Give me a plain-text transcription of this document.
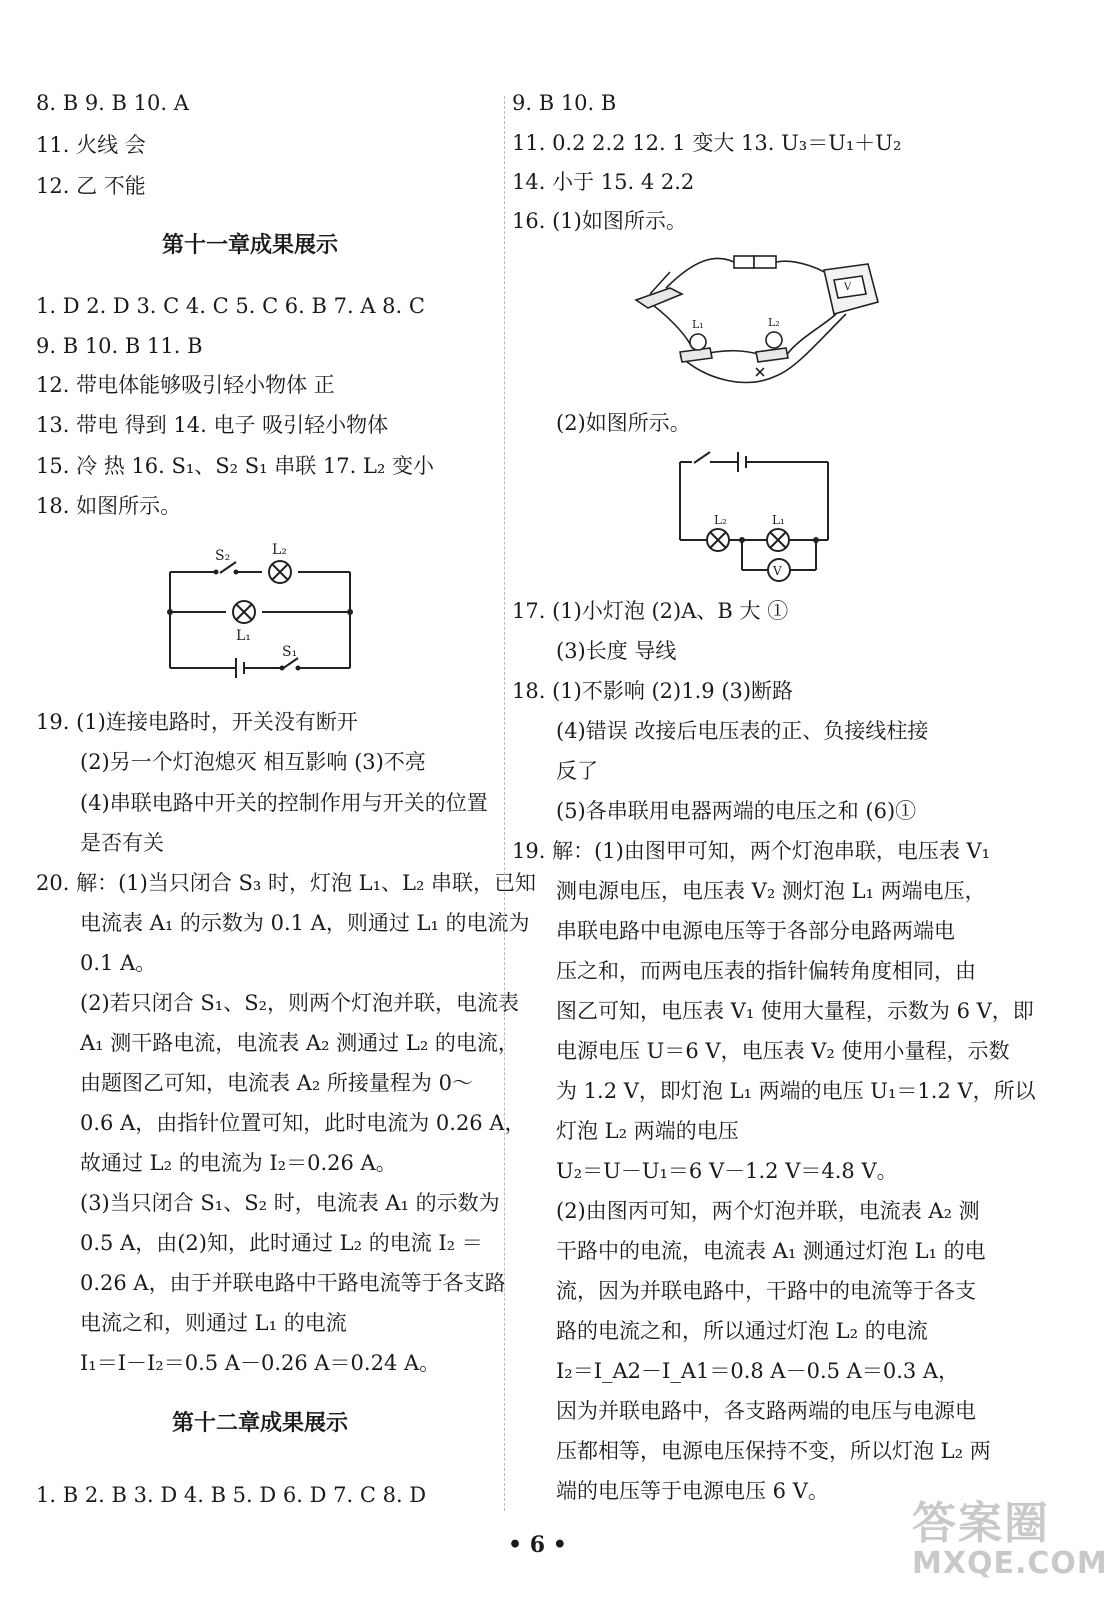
8. B 9. B 10. A
11. 火线 会
12. 乙 不能
第十一章成果展示
1. D 2. D 3. C 4. C 5. C 6. B 7. A 8. C
9. B 10. B 11. B
12. 带电体能够吸引轻小物体 正
13. 带电 得到 14. 电子 吸引轻小物体
15. 冷 热 16. S₁、S₂ S₁ 串联 17. L₂ 变小
18. 如图所示。
S₂	L₂
L₁
S₁
19. (1)连接电路时，开关没有断开
(2)另一个灯泡熄灭 相互影响 (3)不亮
(4)串联电路中开关的控制作用与开关的位置
是否有关
20. 解：(1)当只闭合 S₃ 时，灯泡 L₁、L₂ 串联，已知
电流表 A₁ 的示数为 0.1 A，则通过 L₁ 的电流为
0.1 A。
(2)若只闭合 S₁、S₂，则两个灯泡并联，电流表
A₁ 测干路电流，电流表 A₂ 测通过 L₂ 的电流，
由题图乙可知，电流表 A₂ 所接量程为 0～
0.6 A，由指针位置可知，此时电流为 0.26 A，
故通过 L₂ 的电流为 I₂＝0.26 A。
(3)当只闭合 S₁、S₂ 时，电流表 A₁ 的示数为
0.5 A，由(2)知，此时通过 L₂ 的电流 I₂ ＝
0.26 A，由于并联电路中干路电流等于各支路
电流之和，则通过 L₁ 的电流
I₁＝I－I₂＝0.5 A－0.26 A＝0.24 A。
第十二章成果展示
1. B 2. B 3. D 4. B 5. D 6. D 7. C 8. D
9. B 10. B
11. 0.2 2.2 12. 1 变大 13. U₃＝U₁＋U₂
14. 小于 15. 4 2.2
16. (1)如图所示。
V
L₁	L₂
(2)如图所示。
V
L₂	L₁
17. (1)小灯泡 (2)A、B 大 ①
(3)长度 导线
18. (1)不影响 (2)1.9 (3)断路
(4)错误 改接后电压表的正、负接线柱接
反了
(5)各串联用电器两端的电压之和 (6)①
19. 解：(1)由图甲可知，两个灯泡串联，电压表 V₁
测电源电压，电压表 V₂ 测灯泡 L₁ 两端电压，
串联电路中电源电压等于各部分电路两端电
压之和，而两电压表的指针偏转角度相同，由
图乙可知，电压表 V₁ 使用大量程，示数为 6 V，即
电源电压 U＝6 V，电压表 V₂ 使用小量程，示数
为 1.2 V，即灯泡 L₁ 两端的电压 U₁＝1.2 V，所以
灯泡 L₂ 两端的电压
U₂＝U－U₁＝6 V－1.2 V＝4.8 V。
(2)由图丙可知，两个灯泡并联，电流表 A₂ 测
干路中的电流，电流表 A₁ 测通过灯泡 L₁ 的电
流，因为并联电路中，干路中的电流等于各支
路的电流之和，所以通过灯泡 L₂ 的电流
I₂＝I_A2－I_A1＝0.8 A－0.5 A＝0.3 A，
因为并联电路中，各支路两端的电压与电源电
压都相等，电源电压保持不变，所以灯泡 L₂ 两
端的电压等于电源电压 6 V。
• 6 •	答案圈
MXQE.COM
